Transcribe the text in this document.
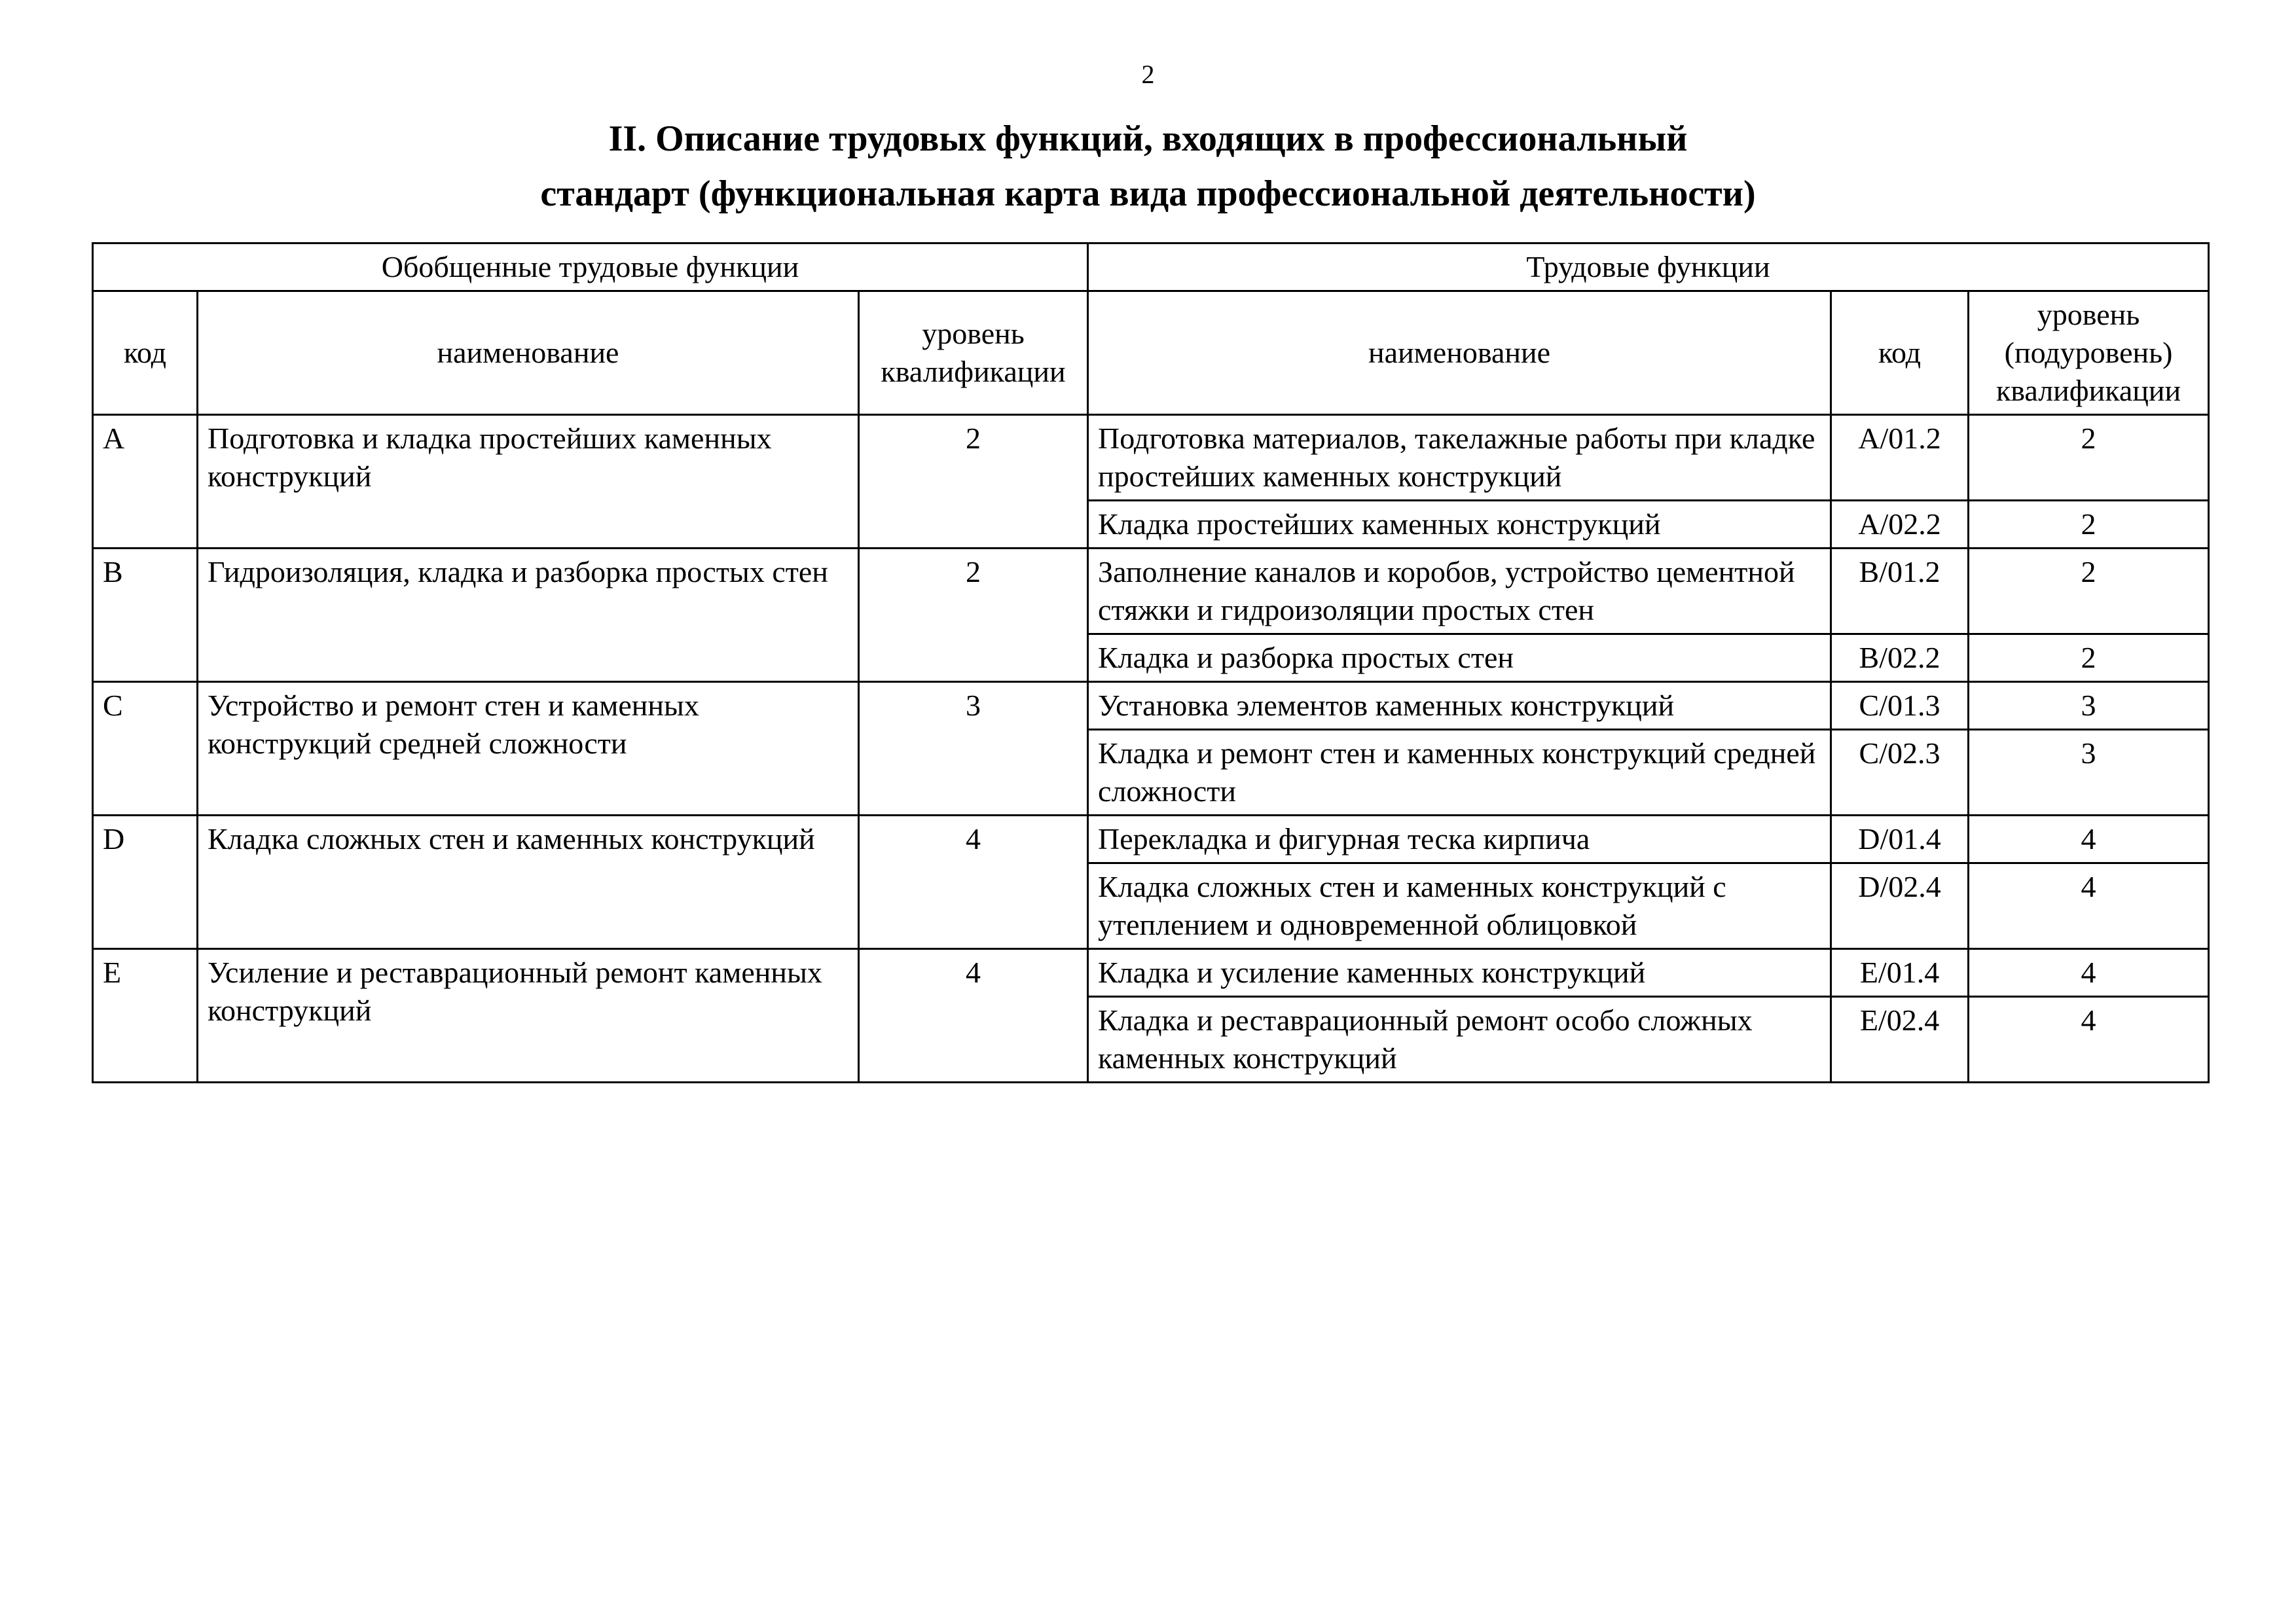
2
II. Описание трудовых функций, входящих в профессиональный
стандарт (функциональная карта вида профессиональной деятельности)
Обобщенные трудовые функции			Трудовые функции		
код	наименование	уровень квалификации	наименование	код	уровень (подуровень) квалификации
A	Подготовка и кладка простейших каменных конструкций	2	Подготовка материалов, такелажные работы при кладке простейших каменных конструкций	A/01.2	2
			Кладка простейших каменных конструкций	A/02.2	2
B	Гидроизоляция, кладка и разборка простых стен	2	Заполнение каналов и коробов, устройство цементной стяжки и гидроизоляции простых стен	B/01.2	2
			Кладка и разборка простых стен	B/02.2	2
C	Устройство и ремонт стен и каменных конструкций средней сложности	3	Установка элементов каменных конструкций	C/01.3	3
			Кладка и ремонт стен и каменных конструкций средней сложности	C/02.3	3
D	Кладка сложных стен и каменных конструкций	4	Перекладка и фигурная теска кирпича	D/01.4	4
			Кладка сложных стен и каменных конструкций с утеплением и одновременной облицовкой	D/02.4	4
E	Усиление и реставрационный ремонт каменных конструкций	4	Кладка и усиление каменных конструкций	E/01.4	4
			Кладка и реставрационный ремонт особо сложных каменных конструкций	E/02.4	4
